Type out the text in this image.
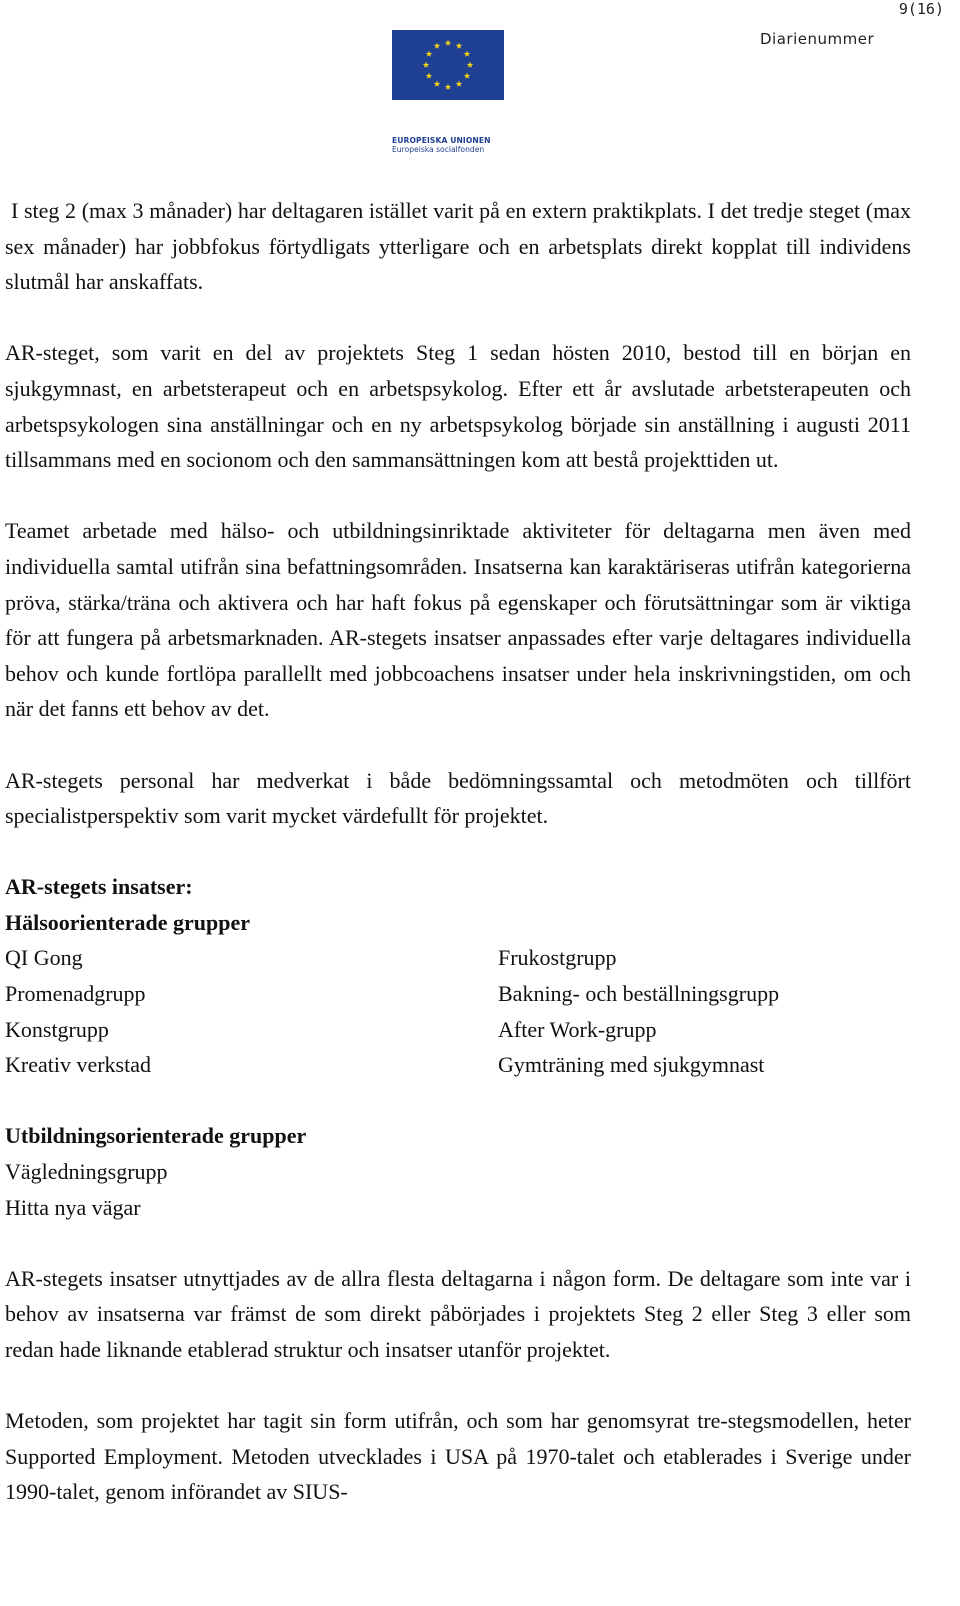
9(16)
Diarienummer
EUROPEISKA UNIONEN
Europeiska socialfonden

I steg 2 (max 3 månader) har deltagaren istället varit på en extern praktikplats. I det tredje steget (max sex månader) har jobbfokus förtydligats ytterligare och en arbetsplats direkt kopplat till individens slutmål har anskaffats.

AR-steget, som varit en del av projektets Steg 1 sedan hösten 2010, bestod till en början en sjukgymnast, en arbetsterapeut och en arbetspsykolog. Efter ett år avslutade arbetsterapeuten och arbetspsykologen sina anställningar och en ny arbetspsykolog började sin anställning i augusti 2011 tillsammans med en socionom och den sammansättningen kom att bestå projekttiden ut.

Teamet arbetade med hälso- och utbildningsinriktade aktiviteter för deltagarna men även med individuella samtal utifrån sina befattningsområden. Insatserna kan karaktäriseras utifrån kategorierna pröva, stärka/träna och aktivera och har haft fokus på egenskaper och förutsättningar som är viktiga för att fungera på arbetsmarknaden. AR-stegets insatser anpassades efter varje deltagares individuella behov och kunde fortlöpa parallellt med jobbcoachens insatser under hela inskrivningstiden, om och när det fanns ett behov av det.

AR-stegets personal har medverkat i både bedömningssamtal och metodmöten och tillfört specialistperspektiv som varit mycket värdefullt för projektet.

AR-stegets insatser:

Hälsoorienterade grupper

QI Gong	Frukostgrupp
Promenadgrupp	Bakning- och beställningsgrupp
Konstgrupp	After Work-grupp
Kreativ verkstad	Gymträning med sjukgymnast

Utbildningsorienterade grupper

Vägledningsgrupp

Hitta nya vägar

AR-stegets insatser utnyttjades av de allra flesta deltagarna i någon form. De deltagare som inte var i behov av insatserna var främst de som direkt påbörjades i projektets Steg 2 eller Steg 3 eller som redan hade liknande etablerad struktur och insatser utanför projektet.

Metoden, som projektet har tagit sin form utifrån, och som har genomsyrat tre-stegsmodellen, heter Supported Employment. Metoden utvecklades i USA på 1970-talet och etablerades i Sverige under 1990-talet, genom införandet av SIUS-
